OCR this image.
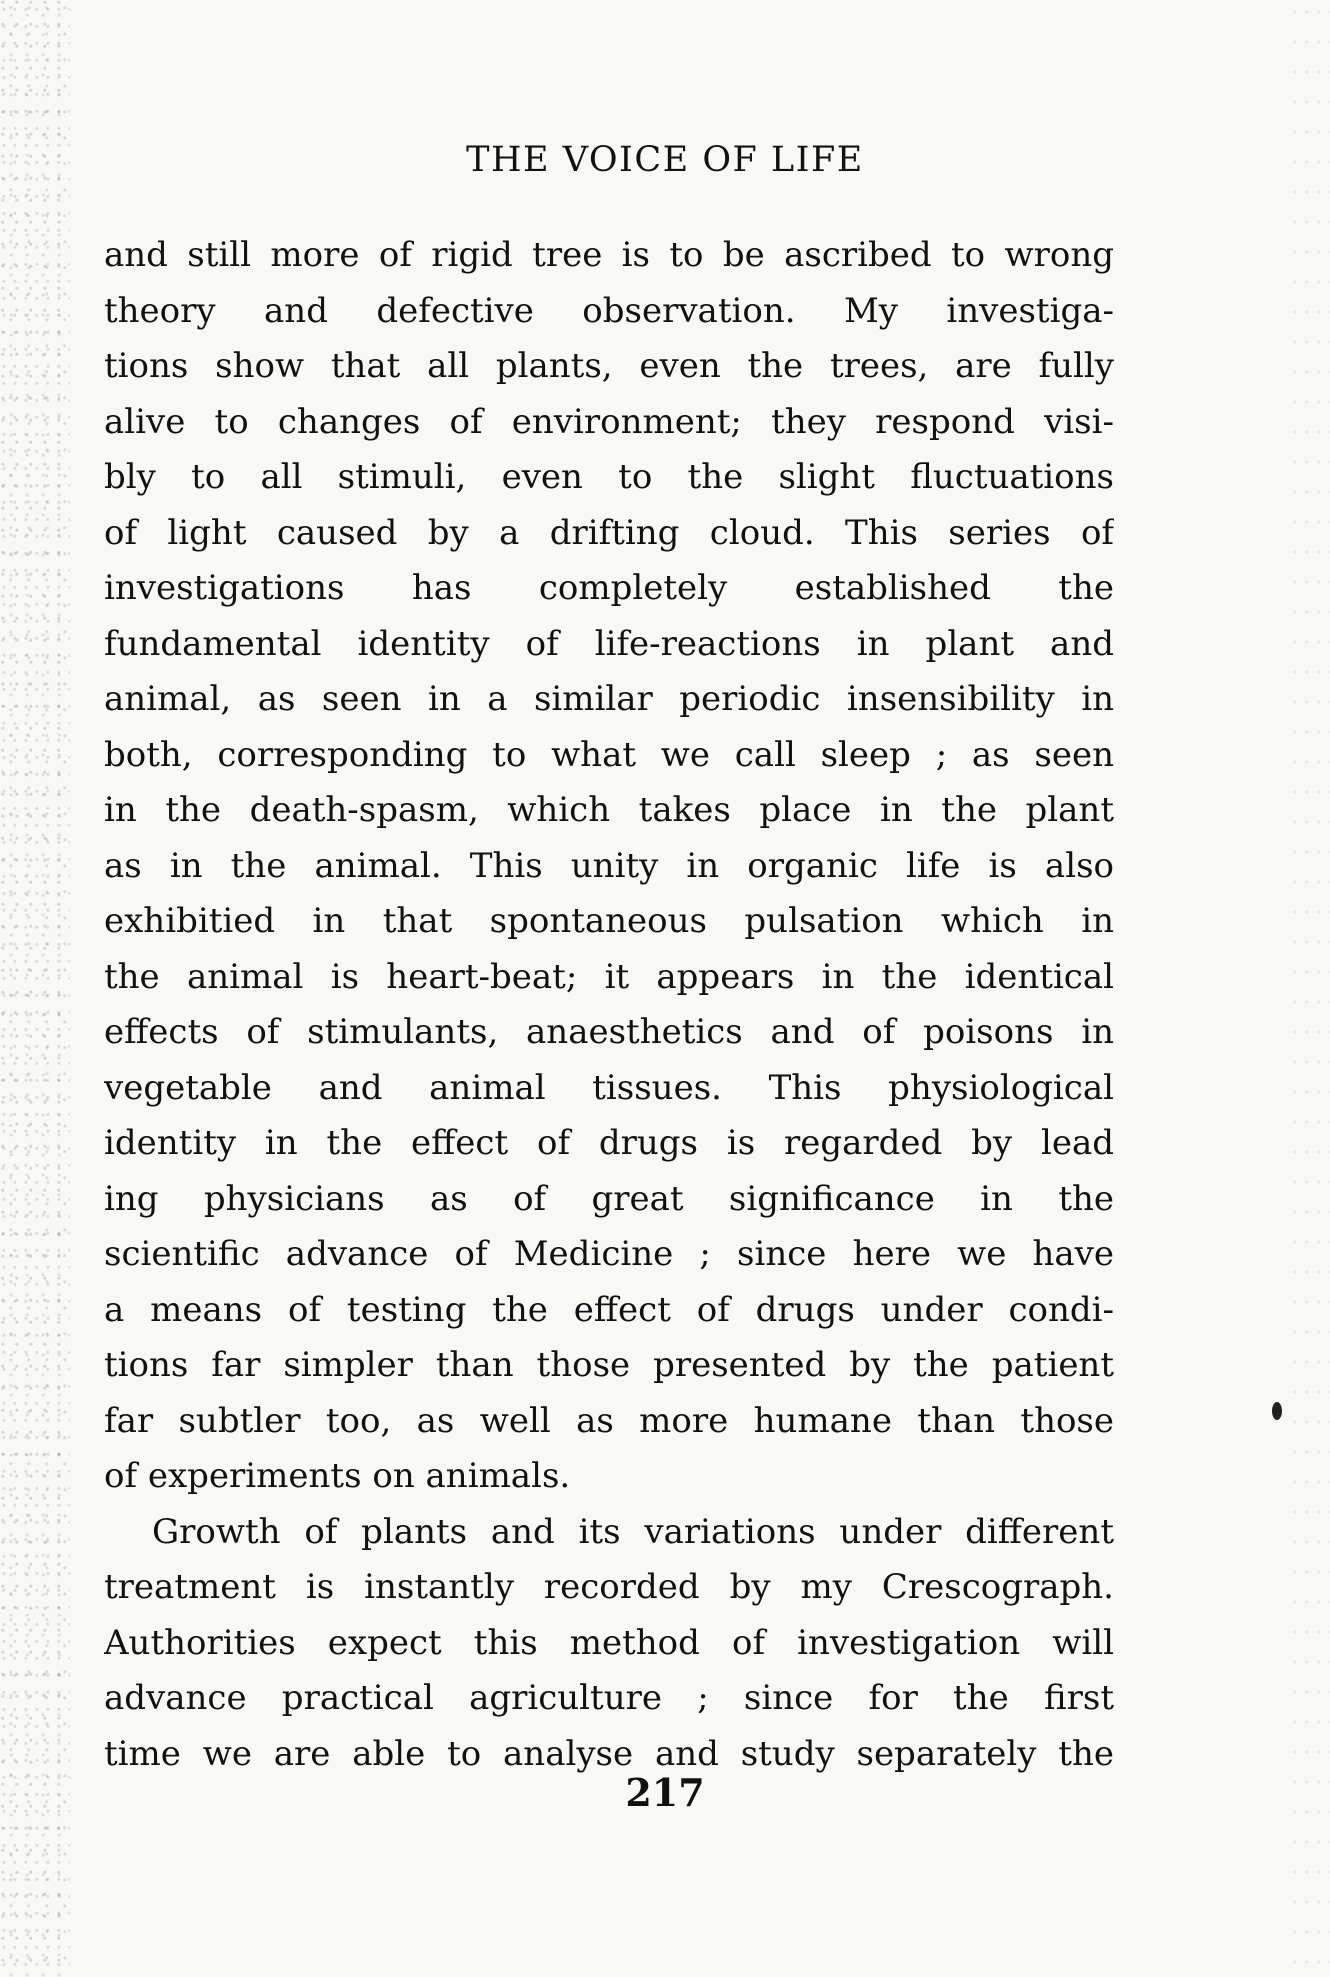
THE VOICE OF LIFE
and still more of rigid tree is to be ascribed to wrong
theory and defective observation. My investiga-
tions show that all plants, even the trees, are fully
alive to changes of environment; they respond visi-
bly to all stimuli, even to the slight fluctuations
of light caused by a drifting cloud. This series of
investigations has completely established the
fundamental identity of life-reactions in plant and
animal, as seen in a similar periodic insensibility in
both, corresponding to what we call sleep ; as seen
in the death-spasm, which takes place in the plant
as in the animal. This unity in organic life is also
exhibitied in that spontaneous pulsation which in
the animal is heart-beat; it appears in the identical
effects of stimulants, anaesthetics and of poisons in
vegetable and animal tissues. This physiological
identity in the effect of drugs is regarded by lead
ing physicians as of great significance in the
scientific advance of Medicine ; since here we have
a means of testing the effect of drugs under condi-
tions far simpler than those presented by the patient
far subtler too, as well as more humane than those
of experiments on animals.
Growth of plants and its variations under different
treatment is instantly recorded by my Crescograph.
Authorities expect this method of investigation will
advance practical agriculture ; since for the first
time we are able to analyse and study separately the
217
